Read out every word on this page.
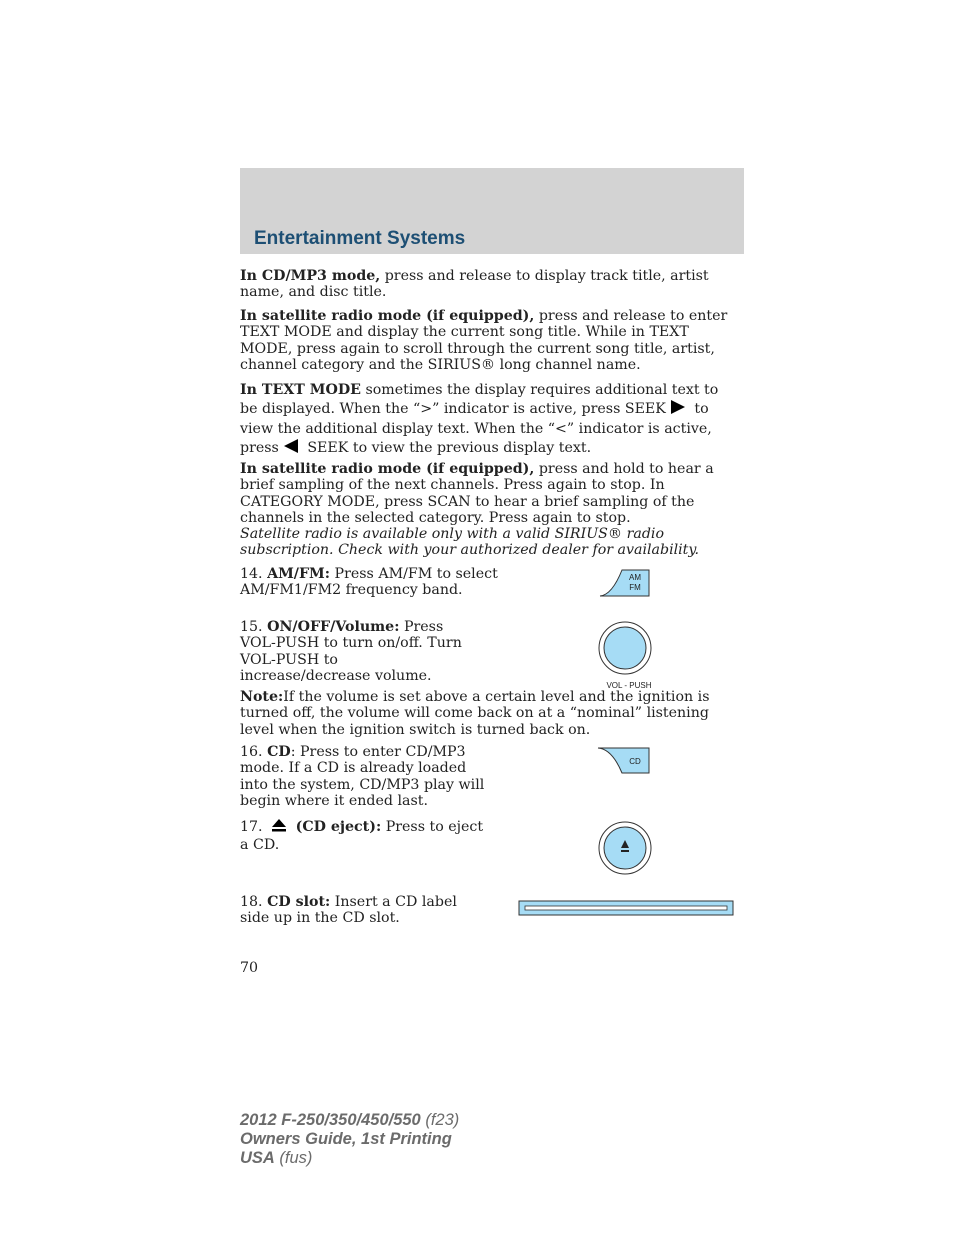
Entertainment Systems

In CD/MP3 mode, press and release to display track title, artist name, and disc title.

In satellite radio mode (if equipped), press and release to enter TEXT MODE and display the current song title. While in TEXT MODE, press again to scroll through the current song title, artist, channel category and the SIRIUS® long channel name.

In TEXT MODE sometimes the display requires additional text to be displayed. When the “>” indicator is active, press SEEK to view the additional display text. When the “<” indicator is active, press SEEK to view the previous display text.

In satellite radio mode (if equipped), press and hold to hear a brief sampling of the next channels. Press again to stop. In CATEGORY MODE, press SCAN to hear a brief sampling of the channels in the selected category. Press again to stop.

Satellite radio is available only with a valid SIRIUS® radio subscription. Check with your authorized dealer for availability.

14. AM/FM: Press AM/FM to select AM/FM1/FM2 frequency band.

15. ON/OFF/Volume: Press VOL-PUSH to turn on/off. Turn VOL-PUSH to increase/decrease volume.

Note:If the volume is set above a certain level and the ignition is turned off, the volume will come back on at a “nominal” listening level when the ignition switch is turned back on.

16. CD: Press to enter CD/MP3 mode. If a CD is already loaded into the system, CD/MP3 play will begin where it ended last.

17. (CD eject): Press to eject a CD.

18. CD slot: Insert a CD label side up in the CD slot.

AM
FM
VOL - PUSH
CD
70
2012 F-250/350/450/550 (f23)
Owners Guide, 1st Printing
USA (fus)
